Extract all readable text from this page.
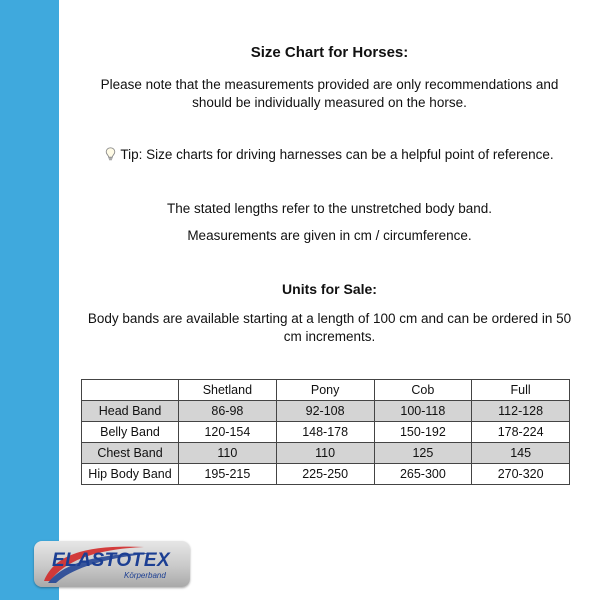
Size Chart for Horses:
Please note that the measurements provided are only recommendations and should be individually measured on the horse.
Tip: Size charts for driving harnesses can be a helpful point of reference.
The stated lengths refer to the unstretched body band.
Measurements are given in cm / circumference.
Units for Sale:
Body bands are available starting at a length of 100 cm and can be ordered in 50 cm increments.
	Shetland	Pony	Cob	Full
Head Band	86-98	92-108	100-118	112-128
Belly Band	120-154	148-178	150-192	178-224
Chest Band	110	110	125	145
Hip Body Band	195-215	225-250	265-300	270-320
ELASTOTEX
Körperband
